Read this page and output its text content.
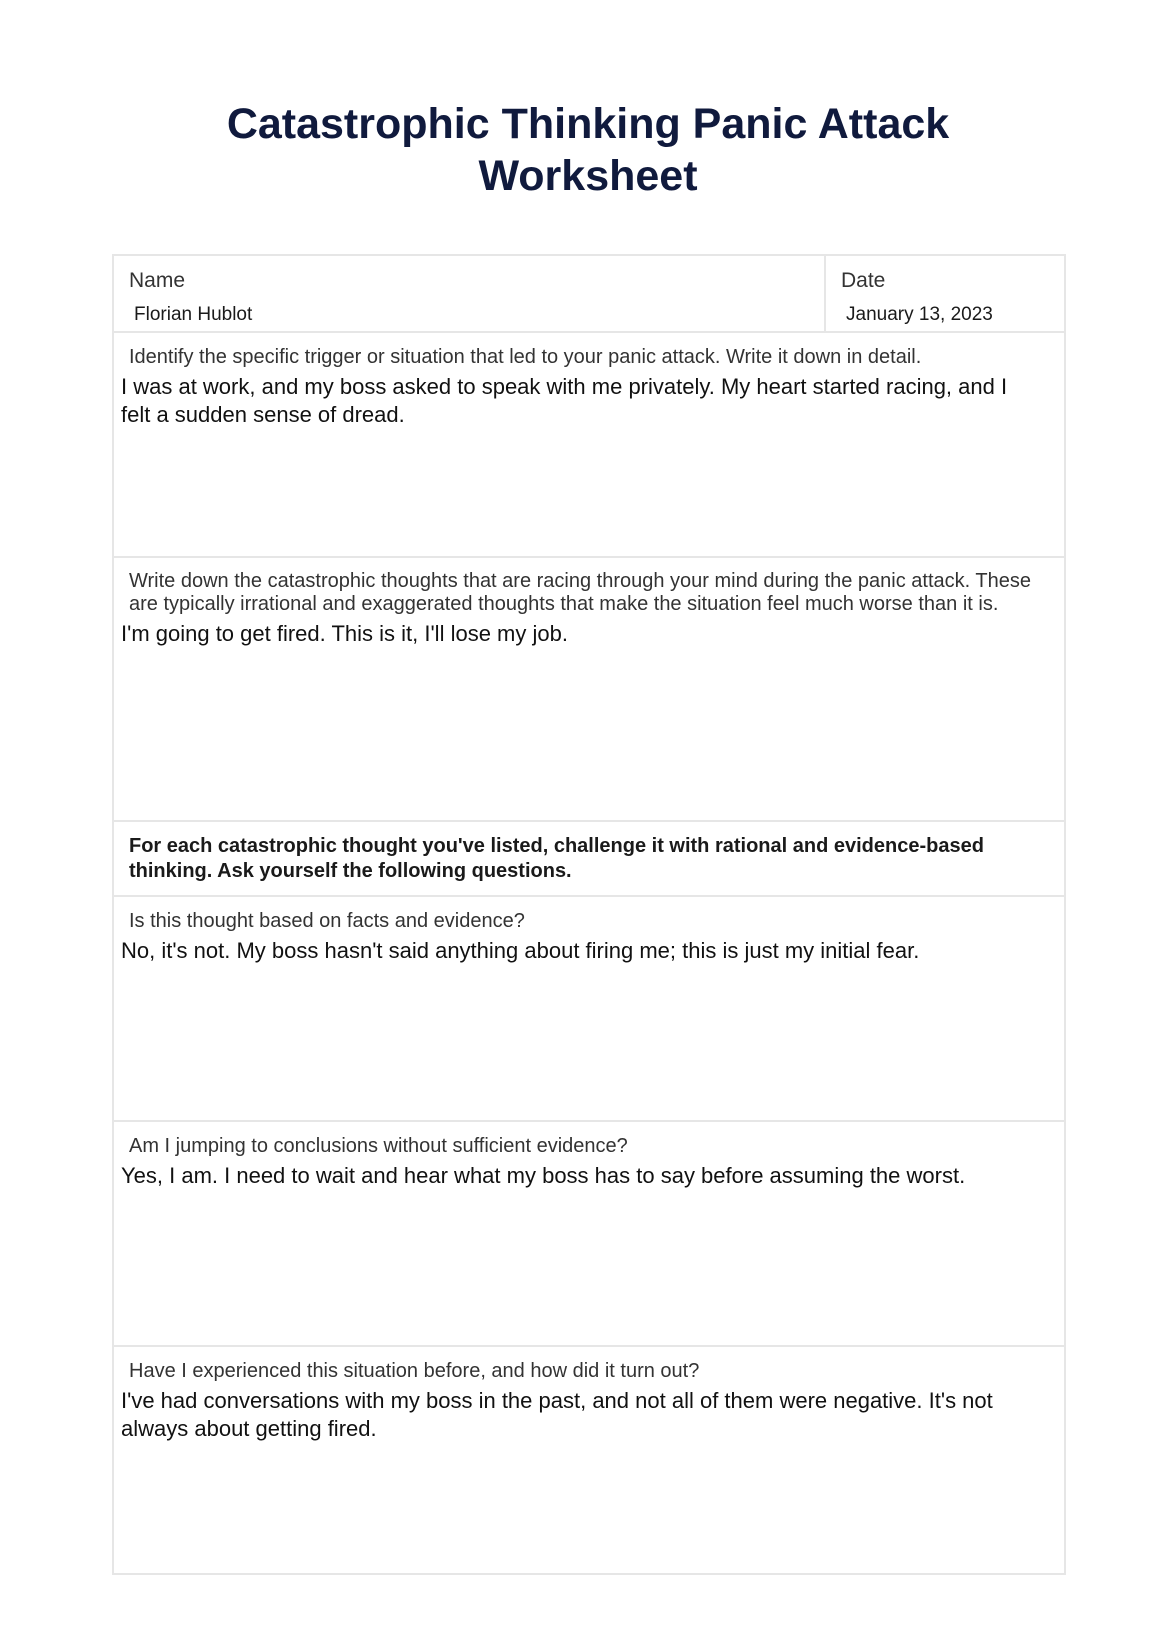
Catastrophic Thinking Panic Attack
Worksheet
Name
Florian Hublot
Date
January 13, 2023
Identify the specific trigger or situation that led to your panic attack. Write it down in detail.
I was at work, and my boss asked to speak with me privately. My heart started racing, and I felt a sudden sense of dread.
Write down the catastrophic thoughts that are racing through your mind during the panic attack. These are typically irrational and exaggerated thoughts that make the situation feel much worse than it is.
I'm going to get fired. This is it, I'll lose my job.
For each catastrophic thought you've listed, challenge it with rational and evidence-based thinking. Ask yourself the following questions.
Is this thought based on facts and evidence?
No, it's not. My boss hasn't said anything about firing me; this is just my initial fear.
Am I jumping to conclusions without sufficient evidence?
Yes, I am. I need to wait and hear what my boss has to say before assuming the worst.
Have I experienced this situation before, and how did it turn out?
I've had conversations with my boss in the past, and not all of them were negative. It's not always about getting fired.
